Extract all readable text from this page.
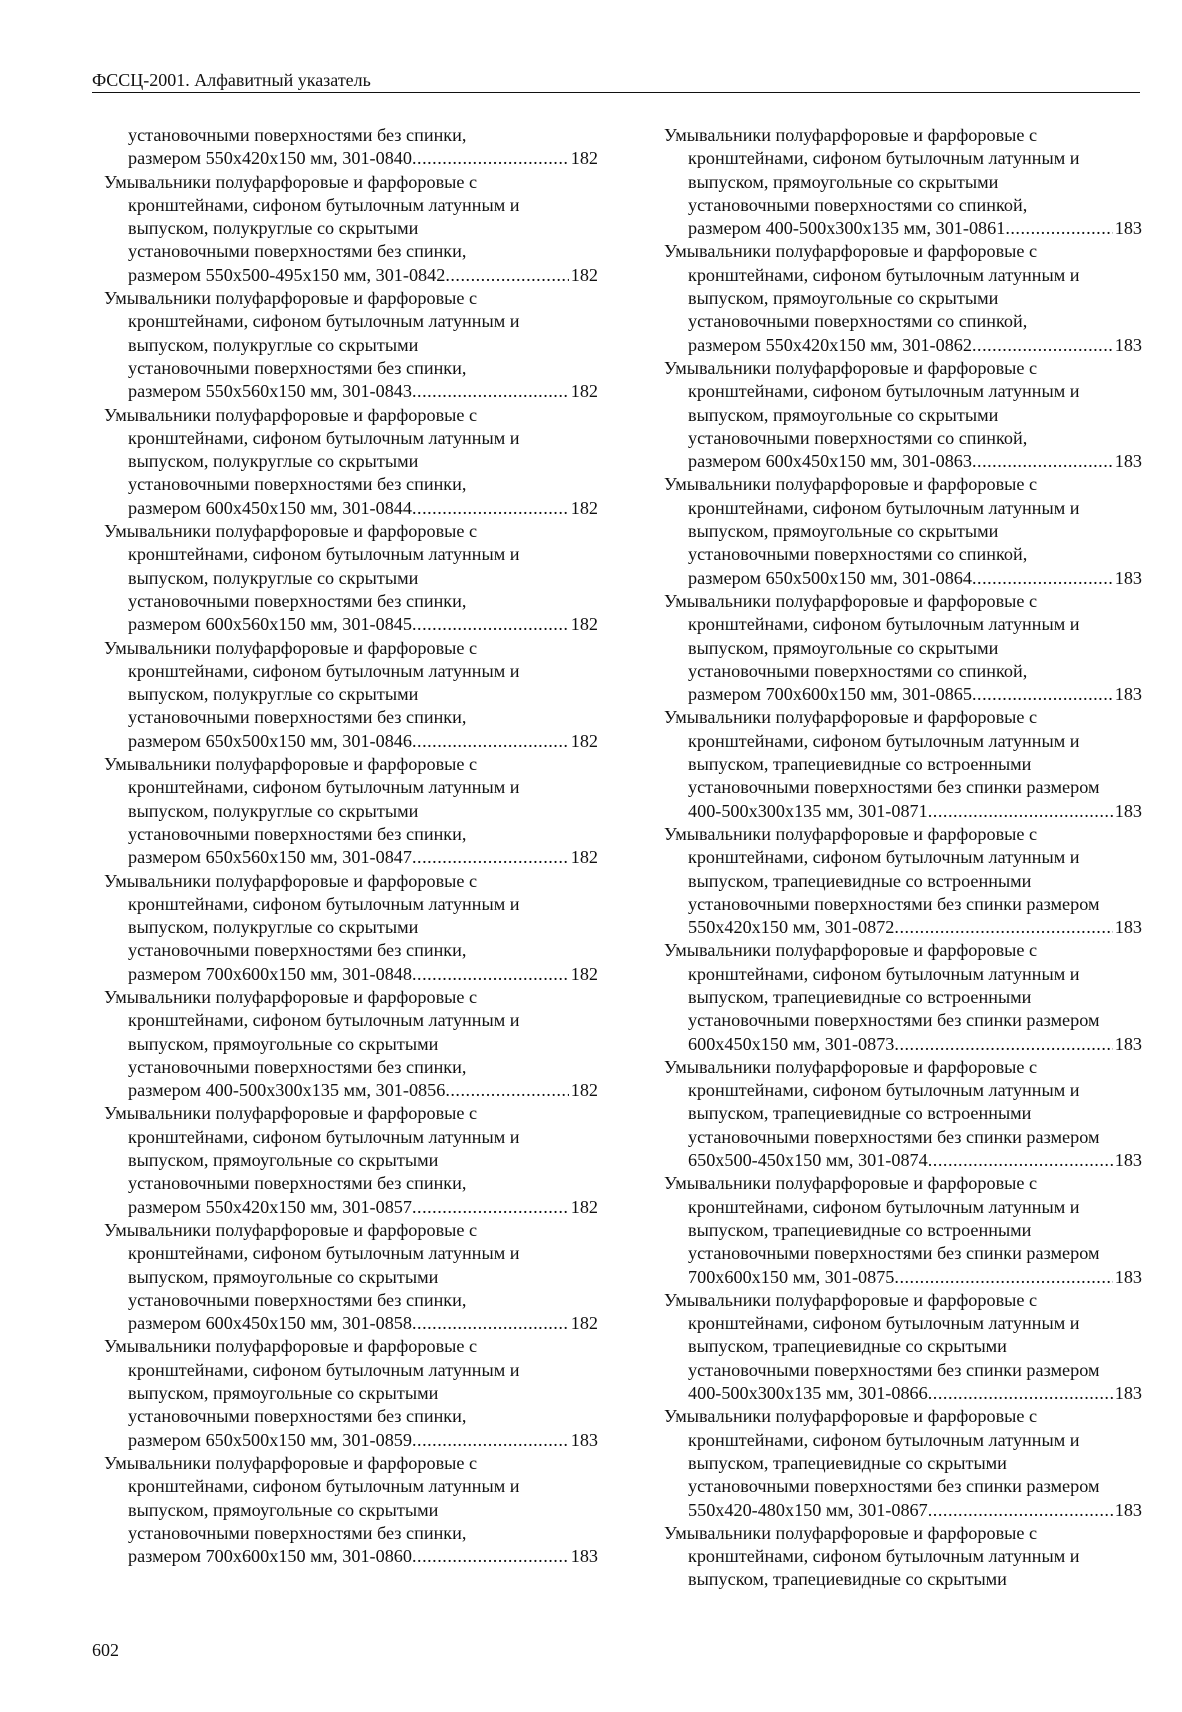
ФССЦ-2001. Алфавитный указатель
установочными поверхностями без спинки,
размером 550x420x150 мм, 301-0840 .....	182
Умывальники полуфарфоровые и фарфоровые с
кронштейнами, сифоном бутылочным латунным и
выпуском, полукруглые со скрытыми
установочными поверхностями без спинки,
размером 550x500-495x150 мм, 301-0842 .....	182
Умывальники полуфарфоровые и фарфоровые с
кронштейнами, сифоном бутылочным латунным и
выпуском, полукруглые со скрытыми
установочными поверхностями без спинки,
размером 550x560x150 мм, 301-0843 .....	182
Умывальники полуфарфоровые и фарфоровые с
кронштейнами, сифоном бутылочным латунным и
выпуском, полукруглые со скрытыми
установочными поверхностями без спинки,
размером 600x450x150 мм, 301-0844 .....	182
Умывальники полуфарфоровые и фарфоровые с
кронштейнами, сифоном бутылочным латунным и
выпуском, полукруглые со скрытыми
установочными поверхностями без спинки,
размером 600x560x150 мм, 301-0845 .....	182
Умывальники полуфарфоровые и фарфоровые с
кронштейнами, сифоном бутылочным латунным и
выпуском, полукруглые со скрытыми
установочными поверхностями без спинки,
размером 650x500x150 мм, 301-0846 .....	182
Умывальники полуфарфоровые и фарфоровые с
кронштейнами, сифоном бутылочным латунным и
выпуском, полукруглые со скрытыми
установочными поверхностями без спинки,
размером 650x560x150 мм, 301-0847 .....	182
Умывальники полуфарфоровые и фарфоровые с
кронштейнами, сифоном бутылочным латунным и
выпуском, полукруглые со скрытыми
установочными поверхностями без спинки,
размером 700x600x150 мм, 301-0848 .....	182
Умывальники полуфарфоровые и фарфоровые с
кронштейнами, сифоном бутылочным латунным и
выпуском, прямоугольные со скрытыми
установочными поверхностями без спинки,
размером 400-500x300x135 мм, 301-0856 .....	182
Умывальники полуфарфоровые и фарфоровые с
кронштейнами, сифоном бутылочным латунным и
выпуском, прямоугольные со скрытыми
установочными поверхностями без спинки,
размером 550x420x150 мм, 301-0857 .....	182
Умывальники полуфарфоровые и фарфоровые с
кронштейнами, сифоном бутылочным латунным и
выпуском, прямоугольные со скрытыми
установочными поверхностями без спинки,
размером 600x450x150 мм, 301-0858 .....	182
Умывальники полуфарфоровые и фарфоровые с
кронштейнами, сифоном бутылочным латунным и
выпуском, прямоугольные со скрытыми
установочными поверхностями без спинки,
размером 650x500x150 мм, 301-0859 .....	183
Умывальники полуфарфоровые и фарфоровые с
кронштейнами, сифоном бутылочным латунным и
выпуском, прямоугольные со скрытыми
установочными поверхностями без спинки,
размером 700x600x150 мм, 301-0860 .....	183
Умывальники полуфарфоровые и фарфоровые с
кронштейнами, сифоном бутылочным латунным и
выпуском, прямоугольные со скрытыми
установочными поверхностями со спинкой,
размером 400-500x300x135 мм, 301-0861 .....	183
Умывальники полуфарфоровые и фарфоровые с
кронштейнами, сифоном бутылочным латунным и
выпуском, прямоугольные со скрытыми
установочными поверхностями со спинкой,
размером 550x420x150 мм, 301-0862 .....	183
Умывальники полуфарфоровые и фарфоровые с
кронштейнами, сифоном бутылочным латунным и
выпуском, прямоугольные со скрытыми
установочными поверхностями со спинкой,
размером 600x450x150 мм, 301-0863 .....	183
Умывальники полуфарфоровые и фарфоровые с
кронштейнами, сифоном бутылочным латунным и
выпуском, прямоугольные со скрытыми
установочными поверхностями со спинкой,
размером 650x500x150 мм, 301-0864 .....	183
Умывальники полуфарфоровые и фарфоровые с
кронштейнами, сифоном бутылочным латунным и
выпуском, прямоугольные со скрытыми
установочными поверхностями со спинкой,
размером 700x600x150 мм, 301-0865 .....	183
Умывальники полуфарфоровые и фарфоровые с
кронштейнами, сифоном бутылочным латунным и
выпуском, трапециевидные со встроенными
установочными поверхностями без спинки размером
400-500x300x135 мм, 301-0871 .....	183
Умывальники полуфарфоровые и фарфоровые с
кронштейнами, сифоном бутылочным латунным и
выпуском, трапециевидные со встроенными
установочными поверхностями без спинки размером
550x420x150 мм, 301-0872 .....	183
Умывальники полуфарфоровые и фарфоровые с
кронштейнами, сифоном бутылочным латунным и
выпуском, трапециевидные со встроенными
установочными поверхностями без спинки размером
600x450x150 мм, 301-0873 .....	183
Умывальники полуфарфоровые и фарфоровые с
кронштейнами, сифоном бутылочным латунным и
выпуском, трапециевидные со встроенными
установочными поверхностями без спинки размером
650x500-450x150 мм, 301-0874 .....	183
Умывальники полуфарфоровые и фарфоровые с
кронштейнами, сифоном бутылочным латунным и
выпуском, трапециевидные со встроенными
установочными поверхностями без спинки размером
700x600x150 мм, 301-0875 .....	183
Умывальники полуфарфоровые и фарфоровые с
кронштейнами, сифоном бутылочным латунным и
выпуском, трапециевидные со скрытыми
установочными поверхностями без спинки размером
400-500x300x135 мм, 301-0866 .....	183
Умывальники полуфарфоровые и фарфоровые с
кронштейнами, сифоном бутылочным латунным и
выпуском, трапециевидные со скрытыми
установочными поверхностями без спинки размером
550x420-480x150 мм, 301-0867 .....	183
Умывальники полуфарфоровые и фарфоровые с
кронштейнами, сифоном бутылочным латунным и
выпуском, трапециевидные со скрытыми
602
